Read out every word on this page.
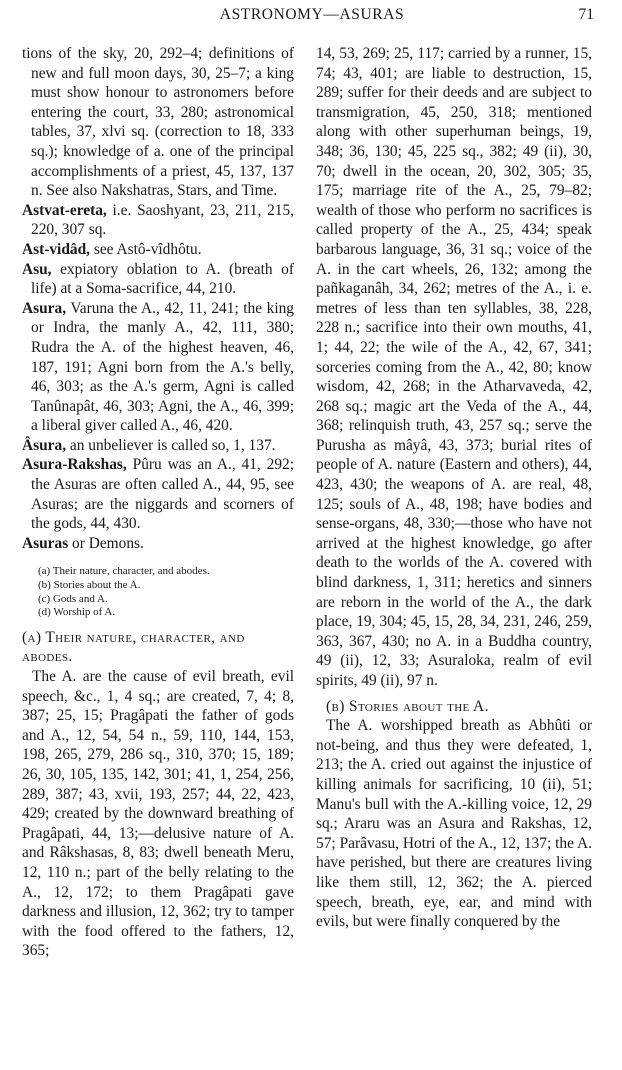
ASTRONOMY—ASURAS	71

tions of the sky, 20, 292–4; definitions of new and full moon days, 30, 25–7; a king must show honour to astronomers before entering the court, 33, 280; astronomical tables, 37, xlvi sq. (correction to 18, 333 sq.); knowledge of a. one of the principal accomplishments of a priest, 45, 137, 137 n. See also Nakshatras, Stars, and Time.

Astvat-ereta, i.e. Saoshyant, 23, 211, 215, 220, 307 sq.

Ast-vidâd, see Astô-vîdhôtu.

Asu, expiatory oblation to A. (breath of life) at a Soma-sacrifice, 44, 210.

Asura, Varuna the A., 42, 11, 241; the king or Indra, the manly A., 42, 111, 380; Rudra the A. of the highest heaven, 46, 187, 191; Agni born from the A.'s belly, 46, 303; as the A.'s germ, Agni is called Tanûnapât, 46, 303; Agni, the A., 46, 399; a liberal giver called A., 46, 420.

Âsura, an unbeliever is called so, 1, 137.

Asura-Rakshas, Pûru was an A., 41, 292; the Asuras are often called A., 44, 95, see Asuras; are the niggards and scorners of the gods, 44, 430.

Asuras or Demons.

(a) Their nature, character, and abodes.
(b) Stories about the A.
(c) Gods and A.
(d) Worship of A.

(a) Their nature, character, and abodes.

The A. are the cause of evil breath, evil speech, &c., 1, 4 sq.; are created, 7, 4; 8, 387; 25, 15; Pragâpati the father of gods and A., 12, 54, 54 n., 59, 110, 144, 153, 198, 265, 279, 286 sq., 310, 370; 15, 189; 26, 30, 105, 135, 142, 301; 41, 1, 254, 256, 289, 387; 43, xvii, 193, 257; 44, 22, 423, 429; created by the downward breathing of Pragâpati, 44, 13;—delusive nature of A. and Râkshasas, 8, 83; dwell beneath Meru, 12, 110 n.; part of the belly relating to the A., 12, 172; to them Pragâpati gave darkness and illusion, 12, 362; try to tamper with the food offered to the fathers, 12, 365;

14, 53, 269; 25, 117; carried by a runner, 15, 74; 43, 401; are liable to destruction, 15, 289; suffer for their deeds and are subject to transmigration, 45, 250, 318; mentioned along with other superhuman beings, 19, 348; 36, 130; 45, 225 sq., 382; 49 (ii), 30, 70; dwell in the ocean, 20, 302, 305; 35, 175; marriage rite of the A., 25, 79–82; wealth of those who perform no sacrifices is called property of the A., 25, 434; speak barbarous language, 36, 31 sq.; voice of the A. in the cart wheels, 26, 132; among the pañkaganâh, 34, 262; metres of the A., i. e. metres of less than ten syllables, 38, 228, 228 n.; sacrifice into their own mouths, 41, 1; 44, 22; the wile of the A., 42, 67, 341; sorceries coming from the A., 42, 80; know wisdom, 42, 268; in the Atharvaveda, 42, 268 sq.; magic art the Veda of the A., 44, 368; relinquish truth, 43, 257 sq.; serve the Purusha as mâyâ, 43, 373; burial rites of people of A. nature (Eastern and others), 44, 423, 430; the weapons of A. are real, 48, 125; souls of A., 48, 198; have bodies and sense-organs, 48, 330;—those who have not arrived at the highest knowledge, go after death to the worlds of the A. covered with blind darkness, 1, 311; heretics and sinners are reborn in the world of the A., the dark place, 19, 304; 45, 15, 28, 34, 231, 246, 259, 363, 367, 430; no A. in a Buddha country, 49 (ii), 12, 33; Asuraloka, realm of evil spirits, 49 (ii), 97 n.

(b) Stories about the A.

The A. worshipped breath as Abhûti or not-being, and thus they were defeated, 1, 213; the A. cried out against the injustice of killing animals for sacrificing, 10 (ii), 51; Manu's bull with the A.-killing voice, 12, 29 sq.; Araru was an Asura and Rakshas, 12, 57; Parâvasu, Hotri of the A., 12, 137; the A. have perished, but there are creatures living like them still, 12, 362; the A. pierced speech, breath, eye, ear, and mind with evils, but were finally conquered by the
